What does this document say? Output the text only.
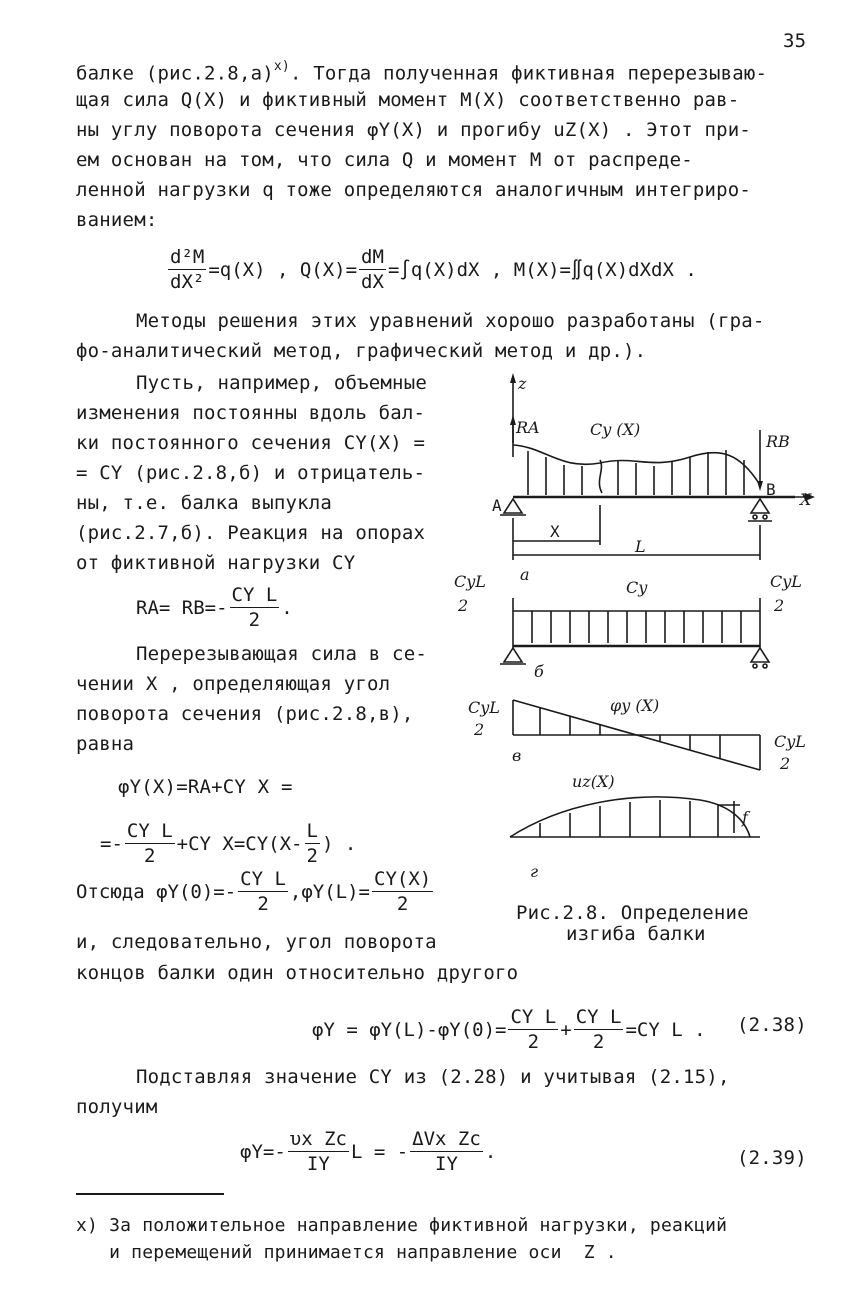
35
балке $(рис.2.8,а)^{x)}$. Тогда полученная фиктивная перерезываю-
щая сила Q(X) и фиктивный момент M(X) соответственно рав-
ны углу поворота сечения φY(X) и прогибу uZ(X) . Этот при-
ем основан на том, что сила Q и момент M от распреде-
ленной нагрузки q тоже определяются аналогичным интегриро-
ванием:
$\frac{\text{d²M}}{\text{dX²}} =q(X)$ , $Q(X)= \frac{dM}{dX} =\int q(X)dX$ , M(X)=∬q(X)dXdX .
Методы решения этих уравнений хорошо разработаны (гра-
фо-аналитический метод, графический метод и др.).
Пусть, например, объемные
изменения постоянны вдоль бал-
ки постоянного сечения CY(X) =
= CY (рис.2.8,б) и отрицатель-
ны, т.е. балка выпукла
(рис.2.7,б). Реакция на опорах
от фиктивной нагрузки CY
$RA= RB=- \frac{\text{CY L}}{2}$ .
Перерезывающая сила в се-
чении X , определяющая угол
поворота сечения (рис.2.8,в),
равна
φY(X)=RA+CY X =
=- $\frac{\text{CY L}}{2} +CY$ $X=CY(X- \frac{L}{2}$ ) .
Отсюда $\varphi Y(0)=- \frac{\text{CY L}}{2} ,\varphi Y(L)= \frac{CY(X)}{2}$
и, следовательно, угол поворота
концов балки один относительно другого
$\varphi Y = \varphi Y(L)-\varphi Y(0)= \frac{\text{CY L}}{2} + \frac{\text{CY L}}{2} =CY$ L . (2.38)
Подставляя значение CY из (2.28) и учитывая (2.15),
получим
$\varphi Y=- \frac{\text{υx Zc}}{IY}$ L = - $\frac{\text{ΔVx Zc}}{IY}$ .	(2.39)
x) За положительное направление фиктивной нагрузки, реакций
и перемещений принимается направление оси  Z .
z
RA
RB
Cy (X)
A
B
X
X
L
а
CyL
2
Cy	CyL
2
б
CyL
2
φy (X)
в
CyL
2
uz(X)
f
г
Рис.2.8. Определение
изгиба балки
